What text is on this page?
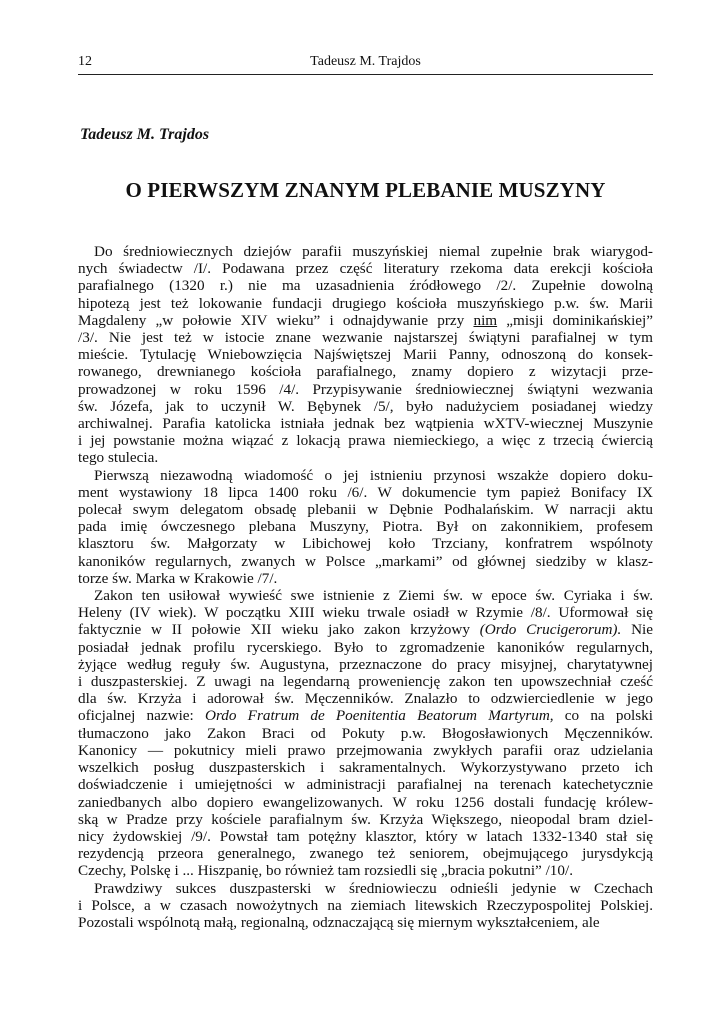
12	Tadeusz M. Trajdos
Tadeusz M. Trajdos
O PIERWSZYM ZNANYM PLEBANIE MUSZYNY

Do średniowiecznych dziejów parafii muszyńskiej niemal zupełnie brak wiarygod-
nych świadectw /I/. Podawana przez część literatury rzekoma data erekcji kościoła
parafialnego (1320 r.) nie ma uzasadnienia źródłowego /2/. Zupełnie dowolną
hipotezą jest też lokowanie fundacji drugiego kościoła muszyńskiego p.w. św. Marii
Magdaleny „w połowie XIV wieku” i odnajdywanie przy nim „misji dominikańskiej”
/3/. Nie jest też w istocie znane wezwanie najstarszej świątyni parafialnej w tym
mieście. Tytulację Wniebowzięcia Najświętszej Marii Panny, odnoszoną do konsek-
rowanego, drewnianego kościoła parafialnego, znamy dopiero z wizytacji prze-
prowadzonej w roku 1596 /4/. Przypisywanie średniowiecznej świątyni wezwania
św. Józefa, jak to uczynił W. Bębynek /5/, było nadużyciem posiadanej wiedzy
archiwalnej. Parafia katolicka istniała jednak bez wątpienia wXTV-wiecznej Muszynie
i jej powstanie można wiązać z lokacją prawa niemieckiego, a więc z trzecią ćwiercią
tego stulecia.

Pierwszą niezawodną wiadomość o jej istnieniu przynosi wszakże dopiero doku-
ment wystawiony 18 lipca 1400 roku /6/. W dokumencie tym papież Bonifacy IX
polecał swym delegatom obsadę plebanii w Dębnie Podhalańskim. W narracji aktu
pada imię ówczesnego plebana Muszyny, Piotra. Był on zakonnikiem, profesem
klasztoru św. Małgorzaty w Libichowej koło Trzciany, konfratrem wspólnoty
kanoników regularnych, zwanych w Polsce „markami” od głównej siedziby w klasz-
torze św. Marka w Krakowie /7/.

Zakon ten usiłował wywieść swe istnienie z Ziemi św. w epoce św. Cyriaka i św.
Heleny (IV wiek). W początku XIII wieku trwale osiadł w Rzymie /8/. Uformował się
faktycznie w II połowie XII wieku jako zakon krzyżowy (Ordo Crucigerorum). Nie
posiadał jednak profilu rycerskiego. Było to zgromadzenie kanoników regularnych,
żyjące według reguły św. Augustyna, przeznaczone do pracy misyjnej, charytatywnej
i duszpasterskiej. Z uwagi na legendarną proweniencję zakon ten upowszechniał cześć
dla św. Krzyża i adorował św. Męczenników. Znalazło to odzwierciedlenie w jego
oficjalnej nazwie: Ordo Fratrum de Poenitentia Beatorum Martyrum, co na polski
tłumaczono jako Zakon Braci od Pokuty p.w. Błogosławionych Męczenników.
Kanonicy — pokutnicy mieli prawo przejmowania zwykłych parafii oraz udzielania
wszelkich posług duszpasterskich i sakramentalnych. Wykorzystywano przeto ich
doświadczenie i umiejętności w administracji parafialnej na terenach katechetycznie
zaniedbanych albo dopiero ewangelizowanych. W roku 1256 dostali fundację królew-
ską w Pradze przy kościele parafialnym św. Krzyża Większego, nieopodal bram dziel-
nicy żydowskiej /9/. Powstał tam potężny klasztor, który w latach 1332-1340 stał się
rezydencją przeora generalnego, zwanego też seniorem, obejmującego jurysdykcją
Czechy, Polskę i ... Hiszpanię, bo również tam rozsiedli się „bracia pokutni” /10/.

Prawdziwy sukces duszpasterski w średniowieczu odnieśli jedynie w Czechach
i Polsce, a w czasach nowożytnych na ziemiach litewskich Rzeczypospolitej Polskiej.
Pozostali wspólnotą małą, regionalną, odznaczającą się miernym wykształceniem, ale
